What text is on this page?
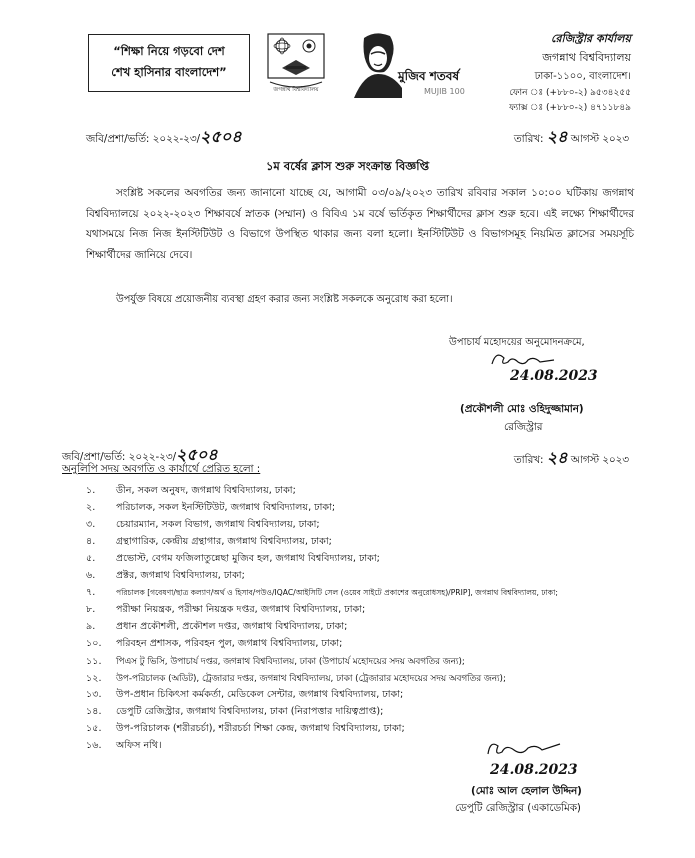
“শিক্ষা নিয়ে গড়বো দেশ
শেখ হাসিনার বাংলাদেশ”
জগন্নাথ বিশ্ববিদ্যালয়
মুজিব শতবর্ষ
MUJIB 100
রেজিস্ট্রার কার্যালয়
জগন্নাথ বিশ্ববিদ্যালয়
ঢাকা-১১০০, বাংলাদেশ।
ফোন ঃ (+৮৮০-২) ৯৫৩৪২৫৫
ফ্যাক্স ঃ (+৮৮০-২) ৪৭১১৮৪৯
জবি/প্রশা/ভর্তি: ২০২২-২৩/২৫০৪	তারিখ: ২৪ আগস্ট ২০২৩
১ম বর্ষের ক্লাস শুরু সংক্রান্ত বিজ্ঞপ্তি
সংশ্লিষ্ট সকলের অবগতির জন্য জানানো যাচ্ছে যে, আগামী ০৩/০৯/২০২৩ তারিখ রবিবার সকাল ১০:০০ ঘটিকায় জগন্নাথ বিশ্ববিদ্যালয়ে ২০২২-২০২৩ শিক্ষাবর্ষে স্নাতক (সম্মান) ও বিবিএ ১ম বর্ষে ভর্তিকৃত শিক্ষার্থীদের ক্লাস শুরু হবে। এই লক্ষ্যে শিক্ষার্থীদের যথাসময়ে নিজ নিজ ইনস্টিটিউট ও বিভাগে উপস্থিত থাকার জন্য বলা হলো। ইনস্টিটিউট ও বিভাগসমূহ নিয়মিত ক্লাসের সময়সূচি শিক্ষার্থীদের জানিয়ে দেবে।
উপর্যুক্ত বিষয়ে প্রয়োজনীয় ব্যবস্থা গ্রহণ করার জন্য সংশ্লিষ্ট সকলকে অনুরোধ করা হলো।
উপাচার্য মহোদয়ের অনুমোদনক্রমে,
24.08.2023
(প্রকৌশলী মোঃ ওহিদুজ্জামান)
রেজিস্ট্রার
জবি/প্রশা/ভর্তি: ২০২২-২৩/২৫০৪	তারিখ: ২৪ আগস্ট ২০২৩
অনুলিপি সদয় অবগতি ও কার্যার্থে প্রেরিত হলো :
১. ডীন, সকল অনুষদ, জগন্নাথ বিশ্ববিদ্যালয়, ঢাকা;
২. পরিচালক, সকল ইনস্টিটিউট, জগন্নাথ বিশ্ববিদ্যালয়, ঢাকা;
৩. চেয়ারম্যান, সকল বিভাগ, জগন্নাথ বিশ্ববিদ্যালয়, ঢাকা;
৪. গ্রন্থাগারিক, কেন্দ্রীয় গ্রন্থাগার, জগন্নাথ বিশ্ববিদ্যালয়, ঢাকা;
৫. প্রভোস্ট, বেগম ফজিলাতুন্নেছা মুজিব হল, জগন্নাথ বিশ্ববিদ্যালয়, ঢাকা;
৬. প্রক্টর, জগন্নাথ বিশ্ববিদ্যালয়, ঢাকা;
৭.	পরিচালক [গবেষণা/ছাত্র কল্যাণ/অর্থ ও হিসাব/পউও/IQAC/আইসিটি সেল (ওয়েব সাইটে প্রকাশের অনুরোধসহ)/PRIP], জগন্নাথ বিশ্ববিদ্যালয়, ঢাকা;
৮. পরীক্ষা নিয়ন্ত্রক, পরীক্ষা নিয়ন্ত্রক দপ্তর, জগন্নাথ বিশ্ববিদ্যালয়, ঢাকা;
৯. প্রধান প্রকৌশলী, প্রকৌশল দপ্তর, জগন্নাথ বিশ্ববিদ্যালয়, ঢাকা;
১০. পরিবহন প্রশাসক, পরিবহন পুল, জগন্নাথ বিশ্ববিদ্যালয়, ঢাকা;
১১. পিএস টু ভিসি, উপাচার্য দপ্তর, জগন্নাথ বিশ্ববিদ্যালয়, ঢাকা (উপাচার্য মহোদয়ের সদয় অবগতির জন্য);
১২. উপ-পরিচালক (অডিট), ট্রেজারার দপ্তর, জগন্নাথ বিশ্ববিদ্যালয়, ঢাকা (ট্রেজারার মহোদয়ের সদয় অবগতির জন্য);
১৩. উপ-প্রধান চিকিৎসা কর্মকর্তা, মেডিকেল সেন্টার, জগন্নাথ বিশ্ববিদ্যালয়, ঢাকা;
১৪. ডেপুটি রেজিস্ট্রার, জগন্নাথ বিশ্ববিদ্যালয়, ঢাকা (নিরাপত্তার দায়িত্বপ্রাপ্ত);
১৫. উপ-পরিচালক (শরীরচর্চা), শরীরচর্চা শিক্ষা কেন্দ্র, জগন্নাথ বিশ্ববিদ্যালয়, ঢাকা;
১৬. অফিস নথি।
24.08.2023
(মোঃ আল হেলাল উদ্দিন)
ডেপুটি রেজিস্ট্রার (একাডেমিক)
